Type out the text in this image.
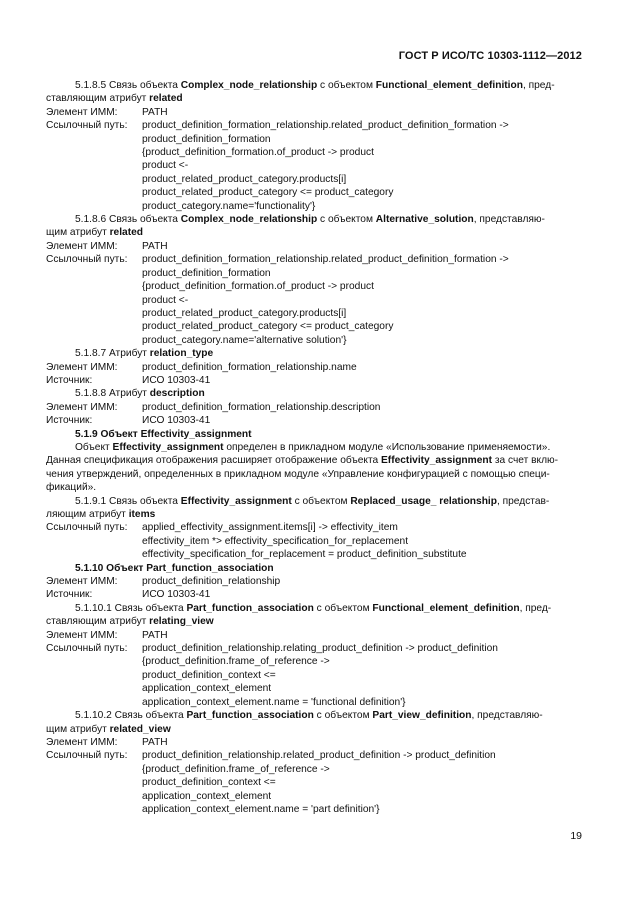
ГОСТ Р ИСО/ТС 10303-1112—2012

5.1.8.5 Связь объекта Complex_node_relationship с объектом Functional_element_definition, пред-

ставляющим атрибут related

Элемент ИММ:	PATH
Ссылочный путь:	product_definition_formation_relationship.related_product_definition_formation ->
product_definition_formation
{product_definition_formation.of_product -> product
product <-
product_related_product_category.products[i]
product_related_product_category <= product_category
product_category.name='functionality'}

5.1.8.6 Связь объекта Complex_node_relationship с объектом Alternative_solution, представляю-

щим атрибут related

Элемент ИММ:	PATH
Ссылочный путь:	product_definition_formation_relationship.related_product_definition_formation ->
product_definition_formation
{product_definition_formation.of_product -> product
product <-
product_related_product_category.products[i]
product_related_product_category <= product_category
product_category.name='alternative solution'}

5.1.8.7 Атрибут relation_type

Элемент ИММ:	product_definition_formation_relationship.name
Источник:	ИСО 10303-41

5.1.8.8 Атрибут description

Элемент ИММ:	product_definition_formation_relationship.description
Источник:	ИСО 10303-41

5.1.9 Объект Effectivity_assignment

Объект Effectivity_assignment определен в прикладном модуле «Использование применяемости».

Данная спецификация отображения расширяет отображение объекта Effectivity_assignment за счет вклю-

чения утверждений, определенных в прикладном модуле «Управление конфигурацией с помощью специ-

фикаций».

5.1.9.1 Связь объекта Effectivity_assignment с объектом Replaced_usage_ relationship, представ-

ляющим атрибут items

Ссылочный путь:	applied_effectivity_assignment.items[i] -> effectivity_item
effectivity_item *> effectivity_specification_for_replacement
effectivity_specification_for_replacement = product_definition_substitute

5.1.10 Объект Part_function_association

Элемент ИММ:	product_definition_relationship
Источник:	ИСО 10303-41

5.1.10.1 Связь объекта Part_function_association с объектом Functional_element_definition, пред-

ставляющим атрибут relating_view

Элемент ИММ:	PATH
Ссылочный путь:	product_definition_relationship.relating_product_definition -> product_definition
{product_definition.frame_of_reference ->
product_definition_context <=
application_context_element
application_context_element.name = 'functional definition'}

5.1.10.2 Связь объекта Part_function_association с объектом Part_view_definition, представляю-

щим атрибут related_view

Элемент ИММ:	PATH
Ссылочный путь:	product_definition_relationship.related_product_definition -> product_definition
{product_definition.frame_of_reference ->
product_definition_context <=
application_context_element
application_context_element.name = 'part definition'}
19
